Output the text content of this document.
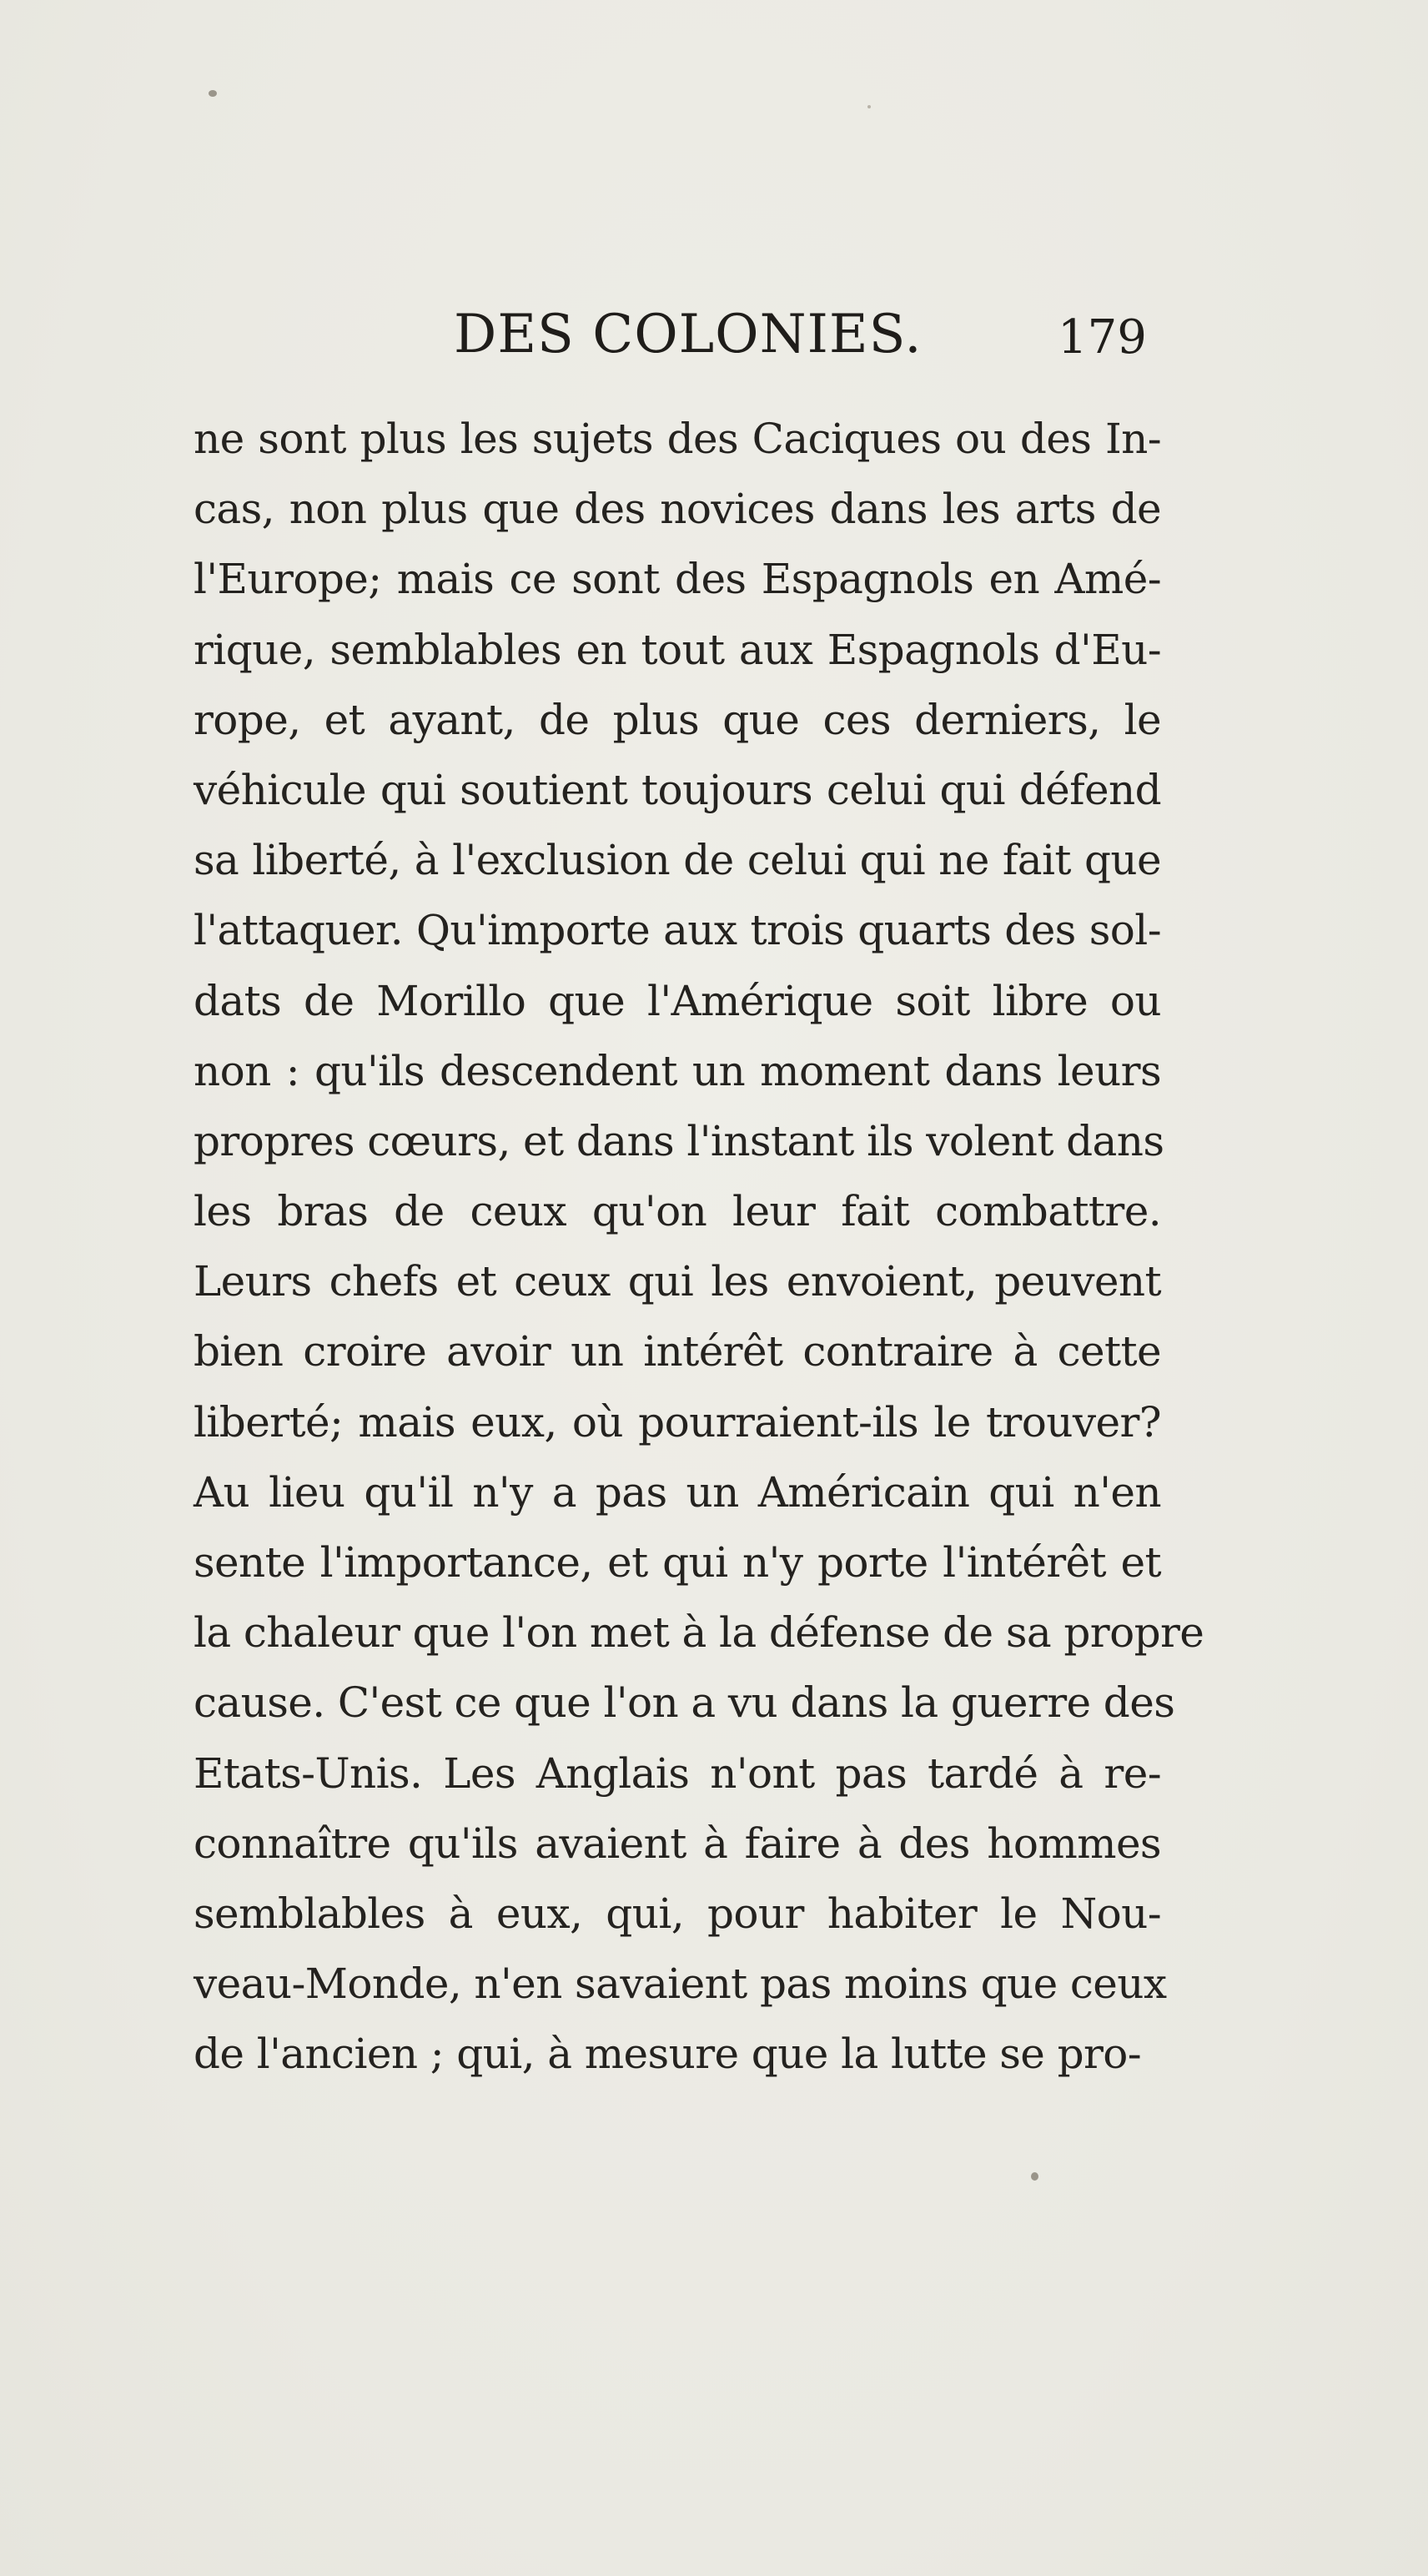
DES COLONIES.	179
ne sont plus les sujets des Caciques ou des In-
cas, non plus que des novices dans les arts de
l'Europe; mais ce sont des Espagnols en Amé-
rique, semblables en tout aux Espagnols d'Eu-
rope, et ayant, de plus que ces derniers, le
véhicule qui soutient toujours celui qui défend
sa liberté, à l'exclusion de celui qui ne fait que
l'attaquer. Qu'importe aux trois quarts des sol-
dats de Morillo que l'Amérique soit libre ou
non : qu'ils descendent un moment dans leurs
propres cœurs, et dans l'instant ils volent dans
les bras de ceux qu'on leur fait combattre.
Leurs chefs et ceux qui les envoient, peuvent
bien croire avoir un intérêt contraire à cette
liberté; mais eux, où pourraient-ils le trouver?
Au lieu qu'il n'y a pas un Américain qui n'en
sente l'importance, et qui n'y porte l'intérêt et
la chaleur que l'on met à la défense de sa propre
cause. C'est ce que l'on a vu dans la guerre des
Etats-Unis. Les Anglais n'ont pas tardé à re-
connaître qu'ils avaient à faire à des hommes
semblables à eux, qui, pour habiter le Nou-
veau-Monde, n'en savaient pas moins que ceux
de l'ancien ; qui, à mesure que la lutte se pro-
